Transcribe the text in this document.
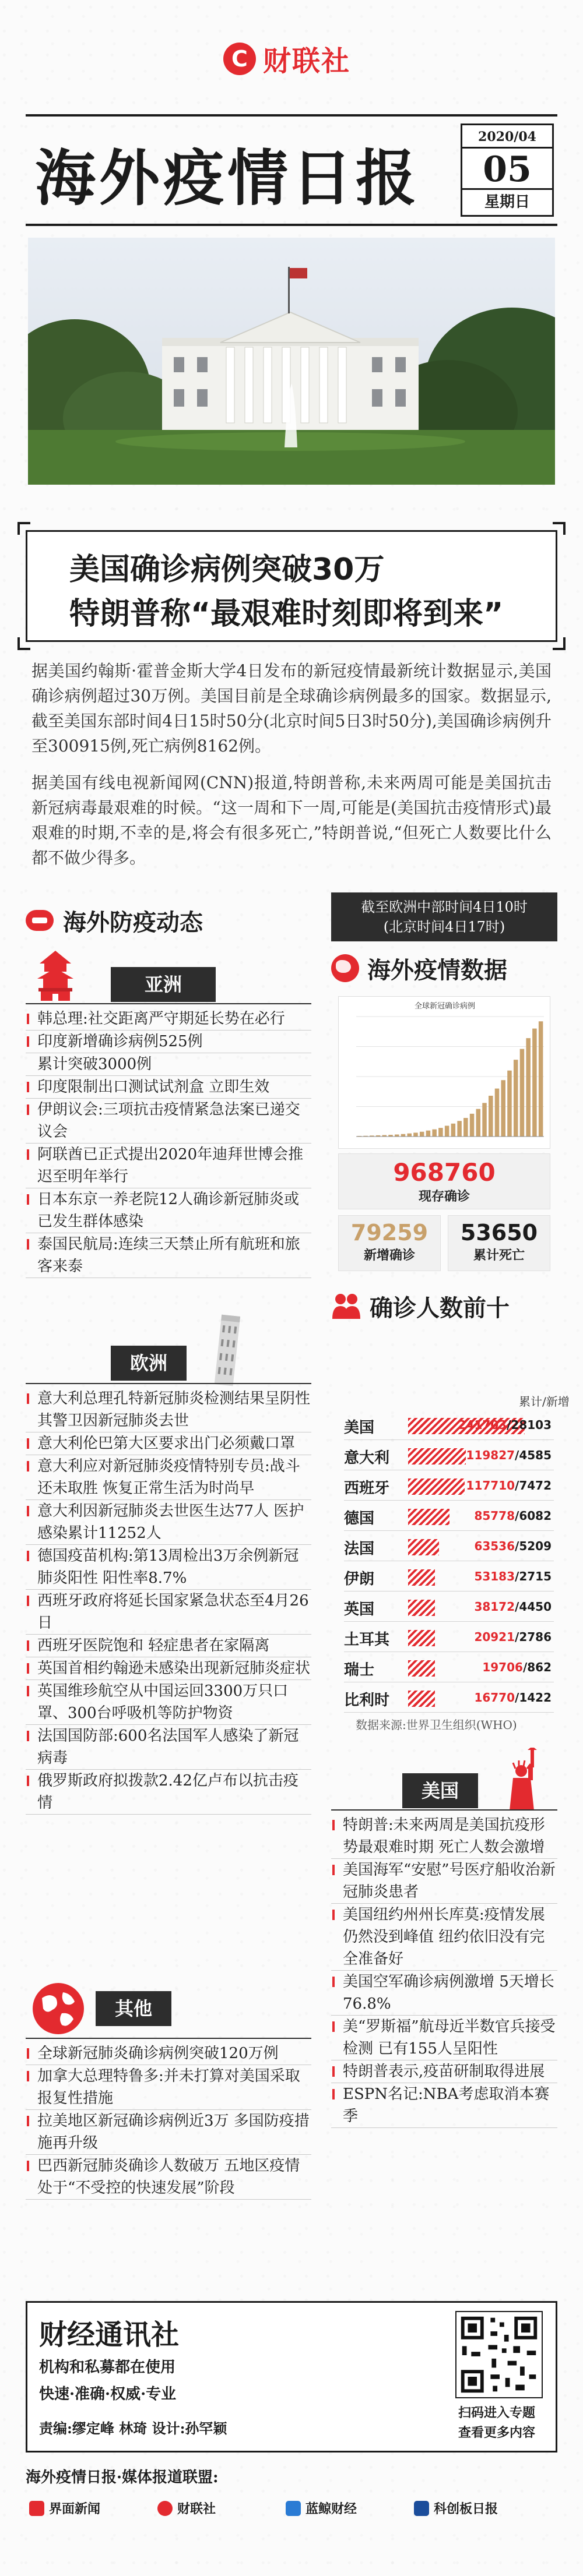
C 财联社
海外疫情日报
2020/04
05
星期日
美国确诊病例突破30万
特朗普称“最艰难时刻即将到来”
据美国约翰斯·霍普金斯大学4日发布的新冠疫情最新统计数据显示,美国确诊病例超过30万例。美国目前是全球确诊病例最多的国家。数据显示,截至美国东部时间4日15时50分(北京时间5日3时50分),美国确诊病例升至300915例,死亡病例8162例。
据美国有线电视新闻网(CNN)报道,特朗普称,未来两周可能是美国抗击新冠病毒最艰难的时候。“这一周和下一周,可能是(美国抗击疫情形式)最艰难的时期,不幸的是,将会有很多死亡,”特朗普说,“但死亡人数要比什么都不做少得多。
海外防疫动态
亚洲
韩总理:社交距离严守期延长势在必行
印度新增确诊病例525例
累计突破3000例
印度限制出口测试试剂盒 立即生效
伊朗议会:三项抗击疫情紧急法案已递交议会
阿联酋已正式提出2020年迪拜世博会推迟至明年举行
日本东京一养老院12人确诊新冠肺炎或已发生群体感染
泰国民航局:连续三天禁止所有航班和旅客来泰
欧洲
意大利总理孔特新冠肺炎检测结果呈阴性 其警卫因新冠肺炎去世
意大利伦巴第大区要求出门必须戴口罩
意大利应对新冠肺炎疫情特别专员:战斗还未取胜 恢复正常生活为时尚早
意大利因新冠肺炎去世医生达77人 医护感染累计11252人
德国疫苗机构:第13周检出3万余例新冠肺炎阳性 阳性率8.7%
西班牙政府将延长国家紧急状态至4月26日
西班牙医院饱和 轻症患者在家隔离
英国首相约翰逊未感染出现新冠肺炎症状
英国维珍航空从中国运回3300万只口罩、300台呼吸机等防护物资
法国国防部:600名法国军人感染了新冠病毒
俄罗斯政府拟拨款2.42亿卢布以抗击疫情
其他
全球新冠肺炎确诊病例突破120万例
加拿大总理特鲁多:并未打算对美国采取报复性措施
拉美地区新冠确诊病例近3万 多国防疫措施再升级
巴西新冠肺炎确诊人数破万 五地区疫情处于“不受控的快速发展”阶段
截至欧洲中部时间4日10时
(北京时间4日17时)
海外疫情数据
全球新冠确诊病例
968760
现存确诊
79259
新增确诊
53650
累计死亡
确诊人数前十
累计/新增
美国	241703/28103
意大利	119827/4585
西班牙	117710/7472
德国	85778/6082
法国	63536/5209
伊朗	53183/2715
英国	38172/4450
土耳其	20921/2786
瑞士	19706/862
比利时	16770/1422
数据来源:世界卫生组织(WHO)
美国
特朗普:未来两周是美国抗疫形势最艰难时期 死亡人数会激增
美国海军“安慰”号医疗船收治新冠肺炎患者
美国纽约州州长库莫:疫情发展仍然没到峰值 纽约依旧没有完全准备好
美国空军确诊病例激增 5天增长76.8%
美“罗斯福”航母近半数官兵接受检测 已有155人呈阳性
特朗普表示,疫苗研制取得进展
ESPN名记:NBA考虑取消本赛季
财经通讯社
机构和私募都在使用
快速·准确·权威·专业
责编:缪定峰 林琦 设计:孙罕颖
扫码进入专题
查看更多内容
海外疫情日报·媒体报道联盟:
界面新闻	财联社	蓝鲸财经	科创板日报
